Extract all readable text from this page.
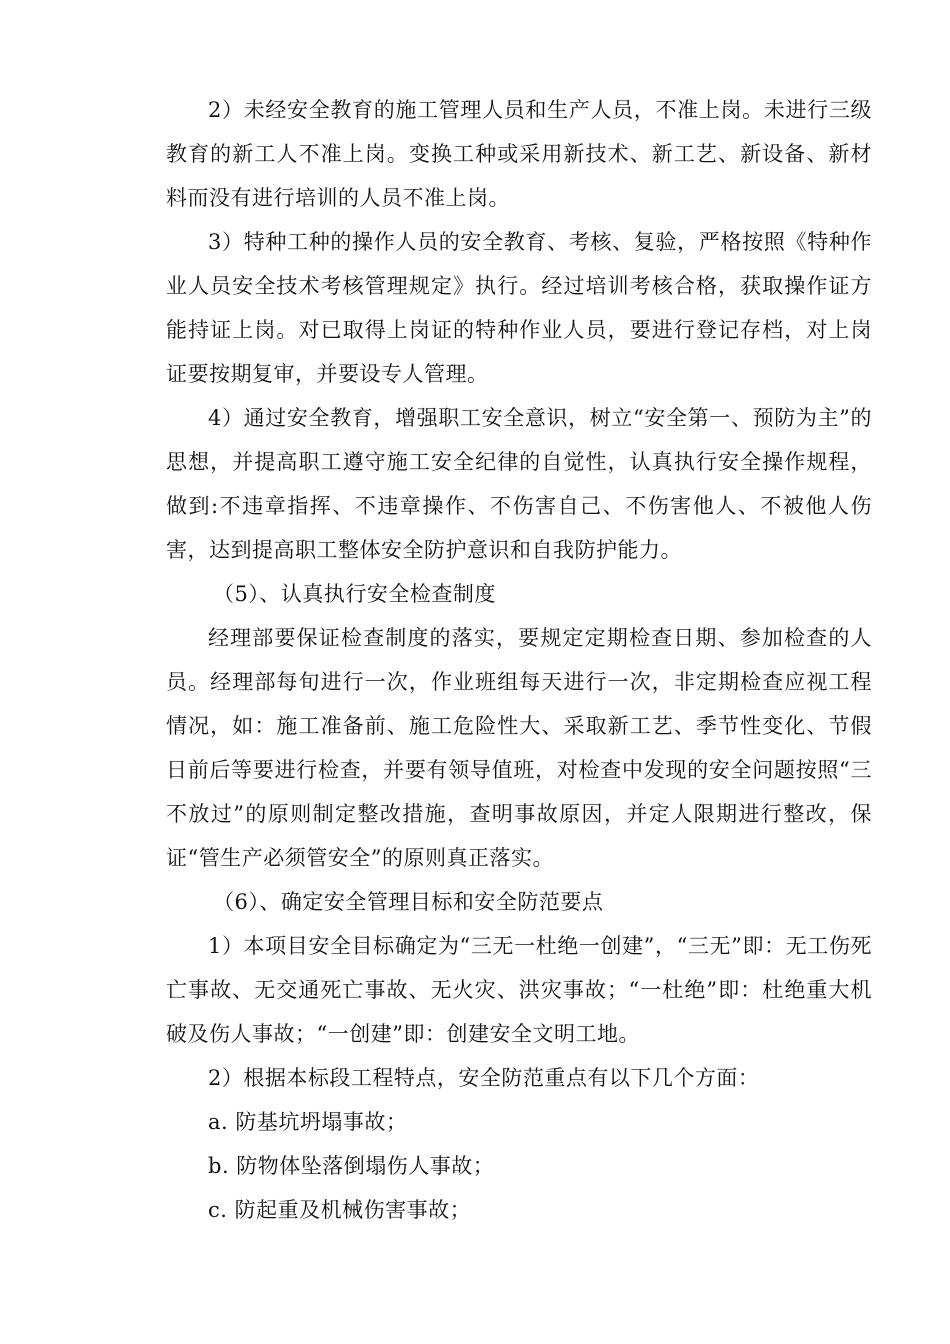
2）未经安全教育的施工管理人员和生产人员，不准上岗。未进行三级教育的新工人不准上岗。变换工种或采用新技术、新工艺、新设备、新材料而没有进行培训的人员不准上岗。

3）特种工种的操作人员的安全教育、考核、复验，严格按照《特种作业人员安全技术考核管理规定》执行。经过培训考核合格，获取操作证方能持证上岗。对已取得上岗证的特种作业人员，要进行登记存档，对上岗证要按期复审，并要设专人管理。

4）通过安全教育，增强职工安全意识，树立“安全第一、预防为主”的思想，并提高职工遵守施工安全纪律的自觉性，认真执行安全操作规程，做到:不违章指挥、不违章操作、不伤害自己、不伤害他人、不被他人伤害，达到提高职工整体安全防护意识和自我防护能力。

（5）、认真执行安全检查制度

经理部要保证检查制度的落实，要规定定期检查日期、参加检查的人员。经理部每旬进行一次，作业班组每天进行一次，非定期检查应视工程情况，如：施工准备前、施工危险性大、采取新工艺、季节性变化、节假日前后等要进行检查，并要有领导值班，对检查中发现的安全问题按照“三不放过”的原则制定整改措施，查明事故原因，并定人限期进行整改，保证“管生产必须管安全”的原则真正落实。

（6）、确定安全管理目标和安全防范要点

1）本项目安全目标确定为“三无一杜绝一创建”，“三无”即：无工伤死亡事故、无交通死亡事故、无火灾、洪灾事故；“一杜绝”即：杜绝重大机破及伤人事故；“一创建”即：创建安全文明工地。

2）根据本标段工程特点，安全防范重点有以下几个方面：

a. 防基坑坍塌事故；

b. 防物体坠落倒塌伤人事故；

c. 防起重及机械伤害事故；
